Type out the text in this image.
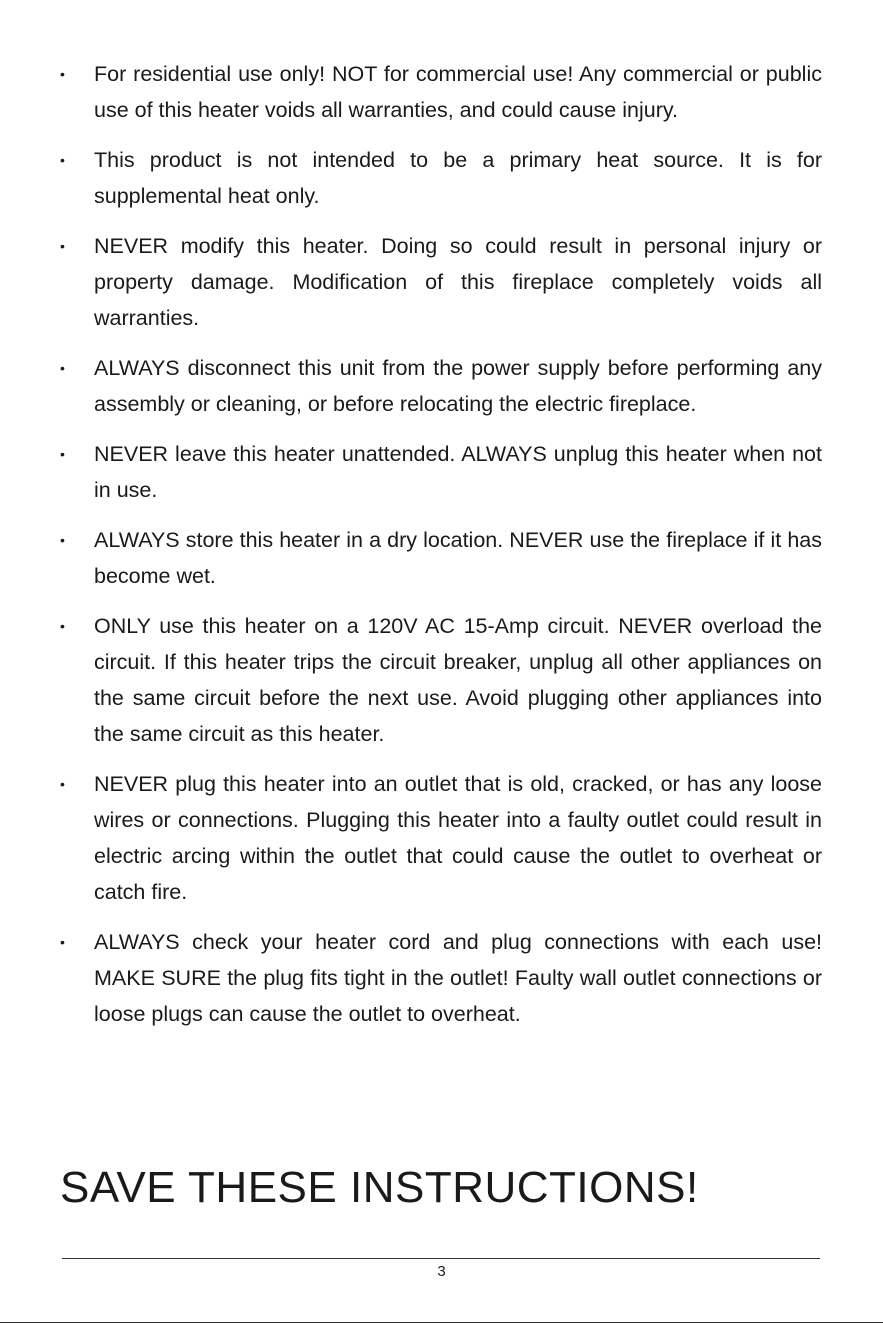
•	For residential use only! NOT for commercial use! Any commercial or public use of this heater voids all warranties, and could cause injury.
•	This product is not intended to be a primary heat source. It is for supplemental heat only.
•	NEVER modify this heater. Doing so could result in personal injury or property damage. Modification of this fireplace completely voids all warranties.
•	ALWAYS disconnect this unit from the power supply before performing any assembly or cleaning, or before relocating the electric fireplace.
•	NEVER leave this heater unattended. ALWAYS unplug this heater when not in use.
•	ALWAYS store this heater in a dry location. NEVER use the fireplace if it has become wet.
•	ONLY use this heater on a 120V AC 15-Amp circuit. NEVER overload the circuit. If this heater trips the circuit breaker, unplug all other appliances on the same circuit before the next use. Avoid plugging other appliances into the same circuit as this heater.
•	NEVER plug this heater into an outlet that is old, cracked, or has any loose wires or connections. Plugging this heater into a faulty outlet could result in electric arcing within the outlet that could cause the outlet to overheat or catch fire.
•	ALWAYS check your heater cord and plug connections with each use! MAKE SURE the plug fits tight in the outlet! Faulty wall outlet connections or loose plugs can cause the outlet to overheat.
SAVE THESE INSTRUCTIONS!
3
